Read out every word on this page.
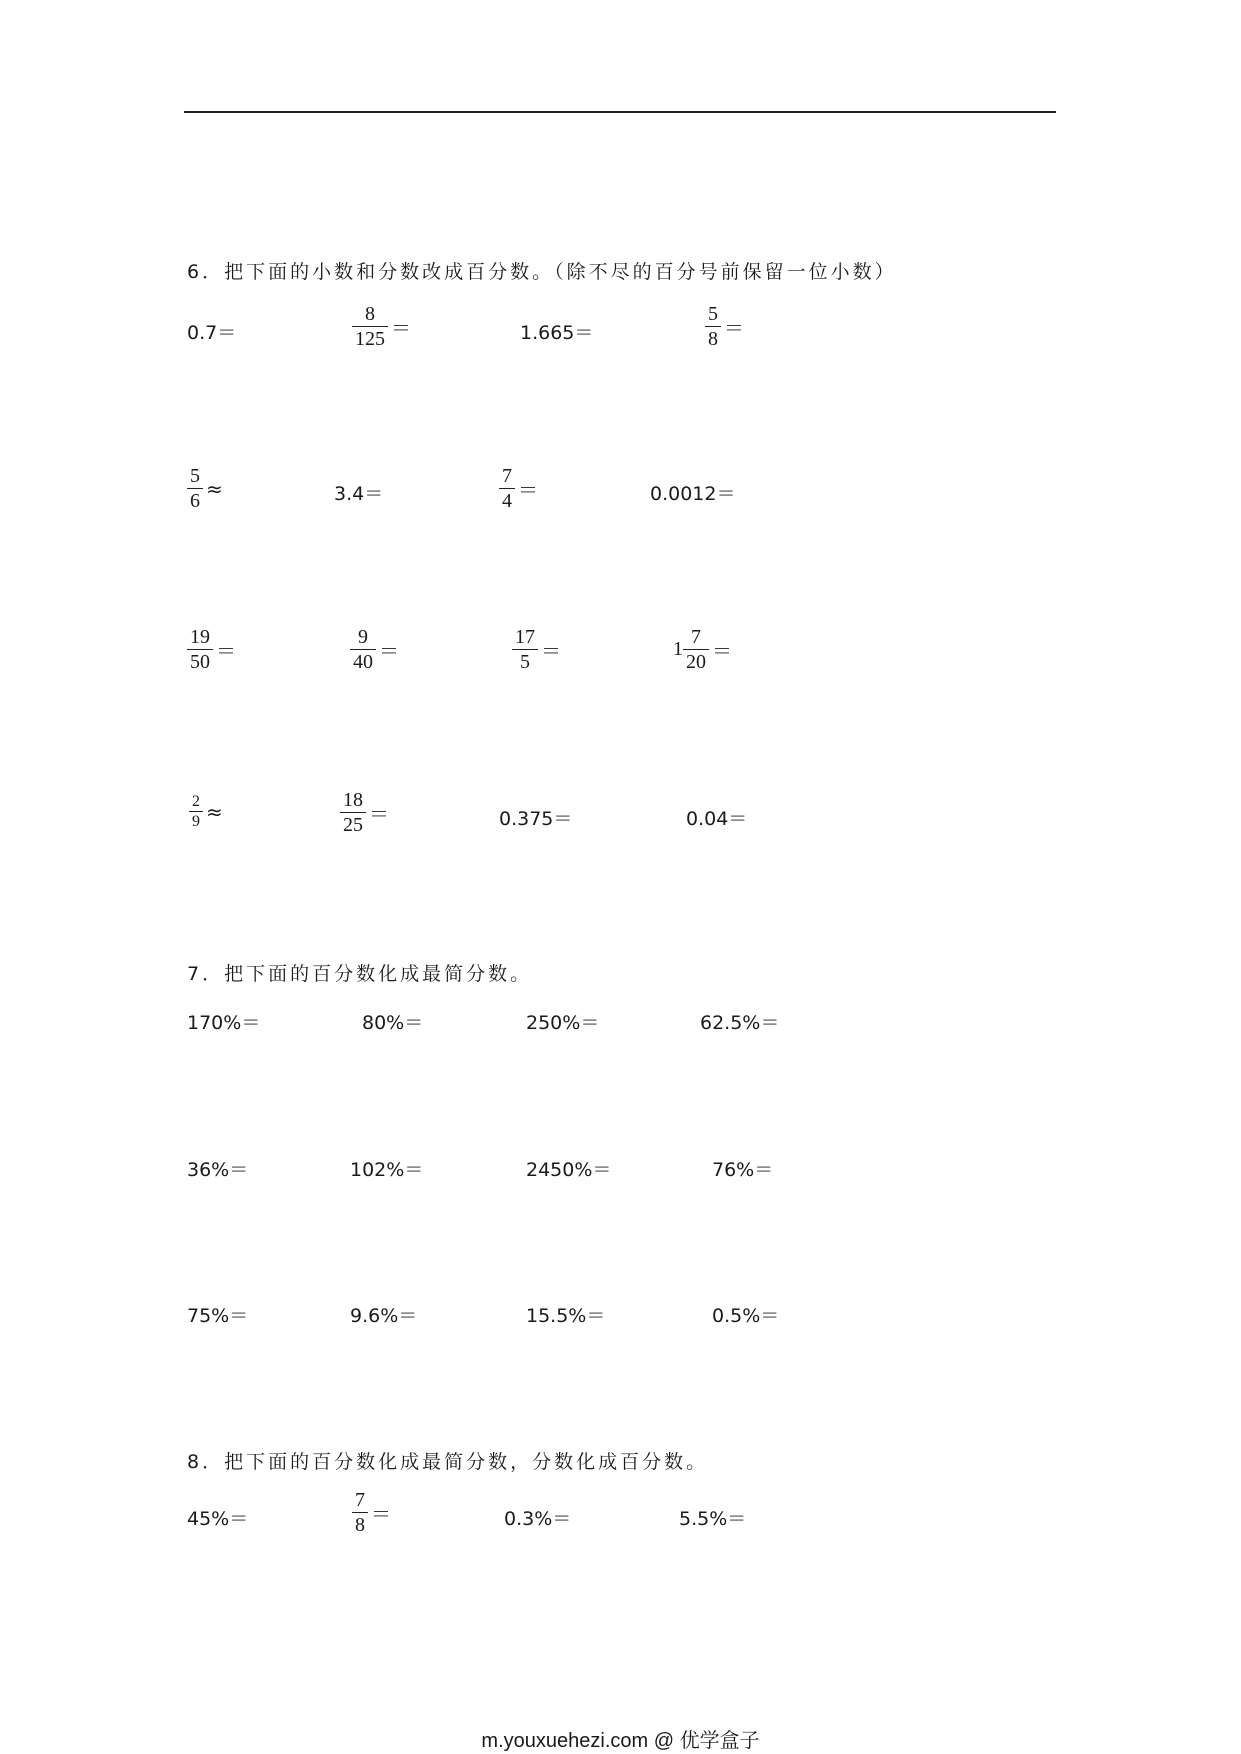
6．把下面的小数和分数改成百分数。（除不尽的百分号前保留一位小数）
0.7＝	$\frac{8}{125}$ ＝	1.665＝	$\frac{5}{8}$ ＝
$\frac{5}{6}$ ≈	3.4＝	$\frac{7}{4}$ ＝	0.0012＝
$\frac{19}{50}$ ＝	$\frac{9}{40}$ ＝	$\frac{17}{5}$ ＝	$1 \frac{7}{20}$ ＝
$\frac{2}{9}$ ≈	$\frac{18}{25}$ ＝	0.375＝	0.04＝
7．把下面的百分数化成最简分数。
170%＝	80%＝	250%＝	62.5%＝
36%＝	102%＝	2450%＝	76%＝
75%＝	9.6%＝	15.5%＝	0.5%＝
8．把下面的百分数化成最简分数，分数化成百分数。
45%＝	$\frac{7}{8}$ ＝	0.3%＝	5.5%＝
m.youxuehezi.com @ 优学盒子
